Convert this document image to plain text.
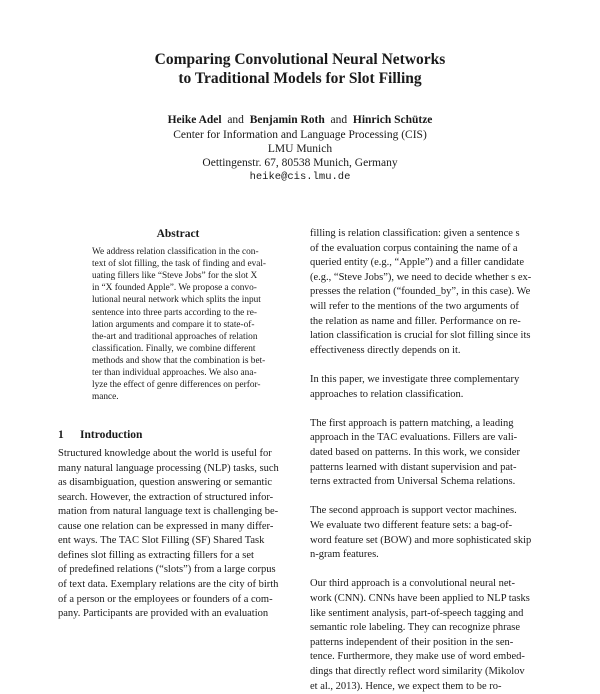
Comparing Convolutional Neural Networks
to Traditional Models for Slot Filling
Heike Adel and Benjamin Roth and Hinrich Schütze
Center for Information and Language Processing (CIS)
LMU Munich
Oettingenstr. 67, 80538 Munich, Germany
heike@cis.lmu.de
Abstract
We address relation classification in the con-
text of slot filling, the task of finding and eval-
uating fillers like “Steve Jobs” for the slot X
in “X founded Apple”. We propose a convo-
lutional neural network which splits the input
sentence into three parts according to the re-
lation arguments and compare it to state-of-
the-art and traditional approaches of relation
classification. Finally, we combine different
methods and show that the combination is bet-
ter than individual approaches. We also ana-
lyze the effect of genre differences on perfor-
mance.
1 Introduction
Structured knowledge about the world is useful for
many natural language processing (NLP) tasks, such
as disambiguation, question answering or semantic
search. However, the extraction of structured infor-
mation from natural language text is challenging be-
cause one relation can be expressed in many differ-
ent ways. The TAC Slot Filling (SF) Shared Task
defines slot filling as extracting fillers for a set
of predefined relations (“slots”) from a large corpus
of text data. Exemplary relations are the city of birth
of a person or the employees or founders of a com-
pany. Participants are provided with an evaluation
filling is relation classification: given a sentence s
of the evaluation corpus containing the name of a
queried entity (e.g., “Apple”) and a filler candidate
(e.g., “Steve Jobs”), we need to decide whether s ex-
presses the relation (“founded_by”, in this case). We
will refer to the mentions of the two arguments of
the relation as name and filler. Performance on re-
lation classification is crucial for slot filling since its
effectiveness directly depends on it.
In this paper, we investigate three complementary
approaches to relation classification.
The first approach is pattern matching, a leading
approach in the TAC evaluations. Fillers are vali-
dated based on patterns. In this work, we consider
patterns learned with distant supervision and pat-
terns extracted from Universal Schema relations.
The second approach is support vector machines.
We evaluate two different feature sets: a bag-of-
word feature set (BOW) and more sophisticated skip
n-gram features.
Our third approach is a convolutional neural net-
work (CNN). CNNs have been applied to NLP tasks
like sentiment analysis, part-of-speech tagging and
semantic role labeling. They can recognize phrase
patterns independent of their position in the sen-
tence. Furthermore, they make use of word embed-
dings that directly reflect word similarity (Mikolov
et al., 2013). Hence, we expect them to be ro-
